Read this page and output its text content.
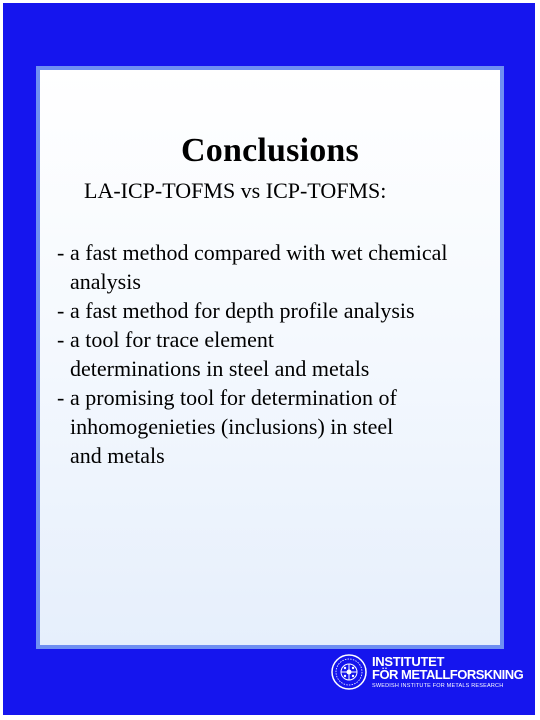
Conclusions
LA-ICP-TOFMS vs ICP-TOFMS:
- a fast method compared with wet chemical
analysis
- a fast method for depth profile analysis
- a tool for trace element
determinations in steel and metals
- a promising tool for determination of
inhomogenieties (inclusions) in steel
and metals
INSTITUTET
FÖR METALLFORSKNING
SWEDISH INSTITUTE FOR METALS RESEARCH
